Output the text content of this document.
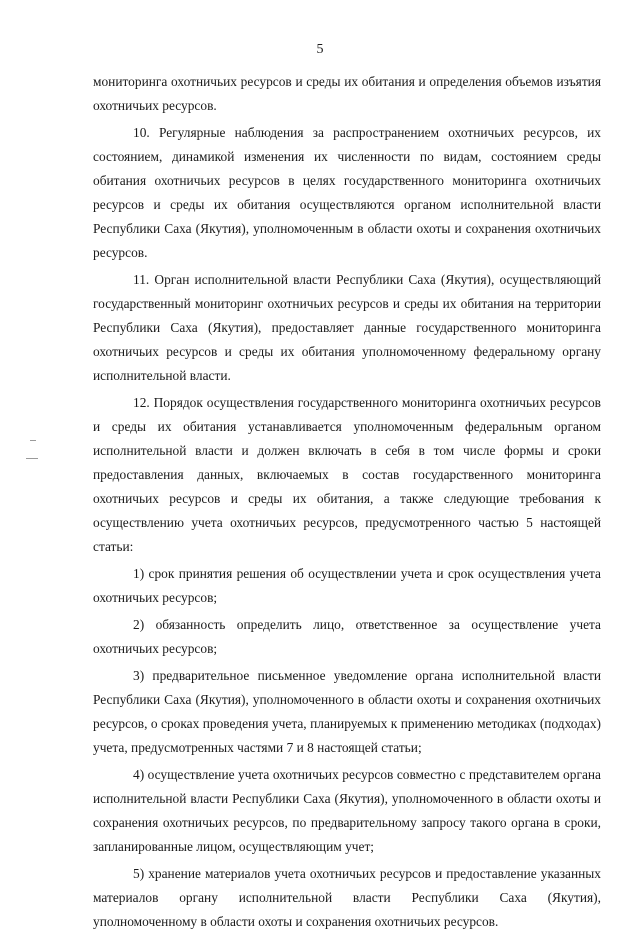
5

мониторинга охотничьих ресурсов и среды их обитания и определения объемов изъятия охотничьих ресурсов.

10. Регулярные наблюдения за распространением охотничьих ресурсов, их состоянием, динамикой изменения их численности по видам, состоянием среды обитания охотничьих ресурсов в целях государственного мониторинга охотничьих ресурсов и среды их обитания осуществляются органом исполнительной власти Республики Саха (Якутия), уполномоченным в области охоты и сохранения охотничьих ресурсов.

11. Орган исполнительной власти Республики Саха (Якутия), осуществляющий государственный мониторинг охотничьих ресурсов и среды их обитания на территории Республики Саха (Якутия), предоставляет данные государственного мониторинга охотничьих ресурсов и среды их обитания уполномоченному федеральному органу исполнительной власти.

12. Порядок осуществления государственного мониторинга охотничьих ресурсов и среды их обитания устанавливается уполномоченным федеральным органом исполнительной власти и должен включать в себя в том числе формы и сроки предоставления данных, включаемых в состав государственного мониторинга охотничьих ресурсов и среды их обитания, а также следующие требования к осуществлению учета охотничьих ресурсов, предусмотренного частью 5 настоящей статьи:

1) срок принятия решения об осуществлении учета и срок осуществления учета охотничьих ресурсов;

2) обязанность определить лицо, ответственное за осуществление учета охотничьих ресурсов;

3) предварительное письменное уведомление органа исполнительной власти Республики Саха (Якутия), уполномоченного в области охоты и сохранения охотничьих ресурсов, о сроках проведения учета, планируемых к применению методиках (подходах) учета, предусмотренных частями 7 и 8 настоящей статьи;

4) осуществление учета охотничьих ресурсов совместно с представителем органа исполнительной власти Республики Саха (Якутия), уполномоченного в области охоты и сохранения охотничьих ресурсов, по предварительному запросу такого органа в сроки, запланированные лицом, осуществляющим учет;

5) хранение материалов учета охотничьих ресурсов и предоставление указанных материалов органу исполнительной власти Республики Саха (Якутия), уполномоченному в области охоты и сохранения охотничьих ресурсов.
